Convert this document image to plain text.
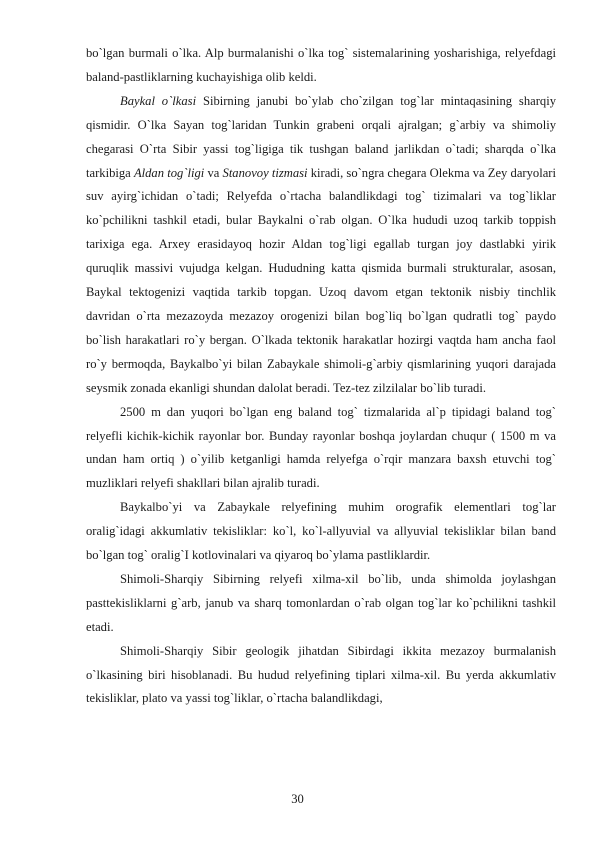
bo`lgan burmali o`lka. Alp burmalanishi o`lka tog` sistemalarining yosharishiga, relyefdagi baland-pastliklarning kuchayishiga olib keldi.

Baykal o`lkasi Sibirning janubi bo`ylab cho`zilgan tog`lar mintaqasining sharqiy qismidir. O`lka Sayan tog`laridan Tunkin grabeni orqali ajralgan; g`arbiy va shimoliy chegarasi O`rta Sibir yassi tog`ligiga tik tushgan baland jarlikdan o`tadi; sharqda o`lka tarkibiga Aldan tog`ligi va Stanovoy tizmasi kiradi, so`ngra chegara Olekma va Zey daryolari suv ayirg`ichidan o`tadi; Relyefda o`rtacha balandlikdagi tog` tizimalari va tog`liklar ko`pchilikni tashkil etadi, bular Baykalni o`rab olgan. O`lka hududi uzoq tarkib toppish tarixiga ega. Arxey erasidayoq hozir Aldan tog`ligi egallab turgan joy dastlabki yirik quruqlik massivi vujudga kelgan. Hududning katta qismida burmali strukturalar, asosan, Baykal tektogenizi vaqtida tarkib topgan. Uzoq davom etgan tektonik nisbiy tinchlik davridan o`rta mezazoyda mezazoy orogenizi bilan bog`liq bo`lgan qudratli tog` paydo bo`lish harakatlari ro`y bergan. O`lkada tektonik harakatlar hozirgi vaqtda ham ancha faol ro`y bermoqda, Baykalbo`yi bilan Zabaykale shimoli-g`arbiy qismlarining yuqori darajada seysmik zonada ekanligi shundan dalolat beradi. Tez-tez zilzilalar bo`lib turadi.

2500 m dan yuqori bo`lgan eng baland tog` tizmalarida al`p tipidagi baland tog` relyefli kichik-kichik rayonlar bor. Bunday rayonlar boshqa joylardan chuqur ( 1500 m va undan ham ortiq ) o`yilib ketganligi hamda relyefga o`rqir manzara baxsh etuvchi tog` muzliklari relyefi shakllari bilan ajralib turadi.

Baykalbo`yi va Zabaykale relyefining muhim orografik elementlari tog`lar oralig`idagi akkumlativ tekisliklar: ko`l, ko`l-allyuvial va allyuvial tekisliklar bilan band bo`lgan tog` oralig`I kotlovinalari va qiyaroq bo`ylama pastliklardir.

Shimoli-Sharqiy Sibirning relyefi xilma-xil bo`lib, unda shimolda joylashgan pasttekisliklarni g`arb, janub va sharq tomonlardan o`rab olgan tog`lar ko`pchilikni tashkil etadi.

Shimoli-Sharqiy Sibir geologik jihatdan Sibirdagi ikkita mezazoy burmalanish o`lkasining biri hisoblanadi. Bu hudud relyefining tiplari xilma-xil. Bu yerda akkumlativ tekisliklar, plato va yassi tog`liklar, o`rtacha balandlikdagi,

30
